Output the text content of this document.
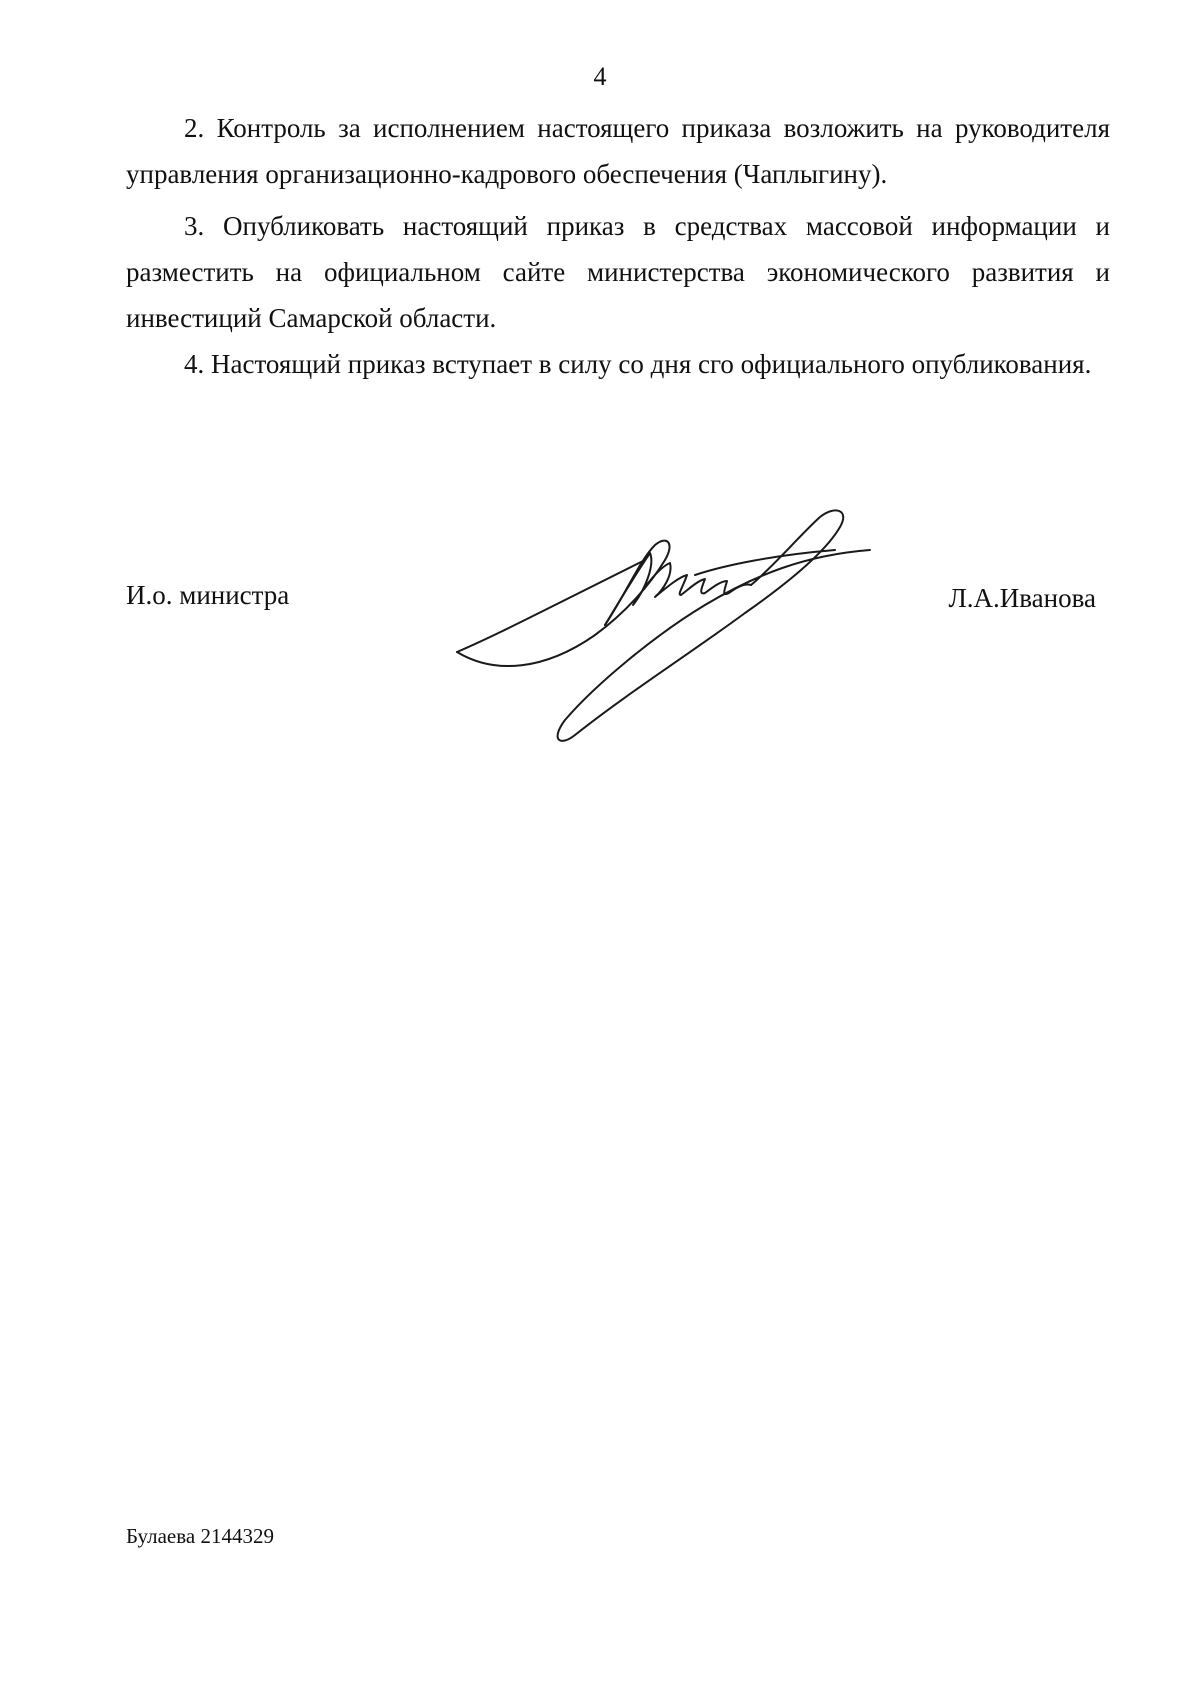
4

2. Контроль за исполнением настоящего приказа возложить на руководителя управления организационно-кадрового обеспечения (Чаплыгину).

3. Опубликовать настоящий приказ в средствах массовой информации и разместить на официальном сайте министерства экономического развития и инвестиций Самарской области.

4. Настоящий приказ вступает в силу со дня сго официального опубликования.

И.о. министра	Л.А.Иванова
Булаева 2144329
